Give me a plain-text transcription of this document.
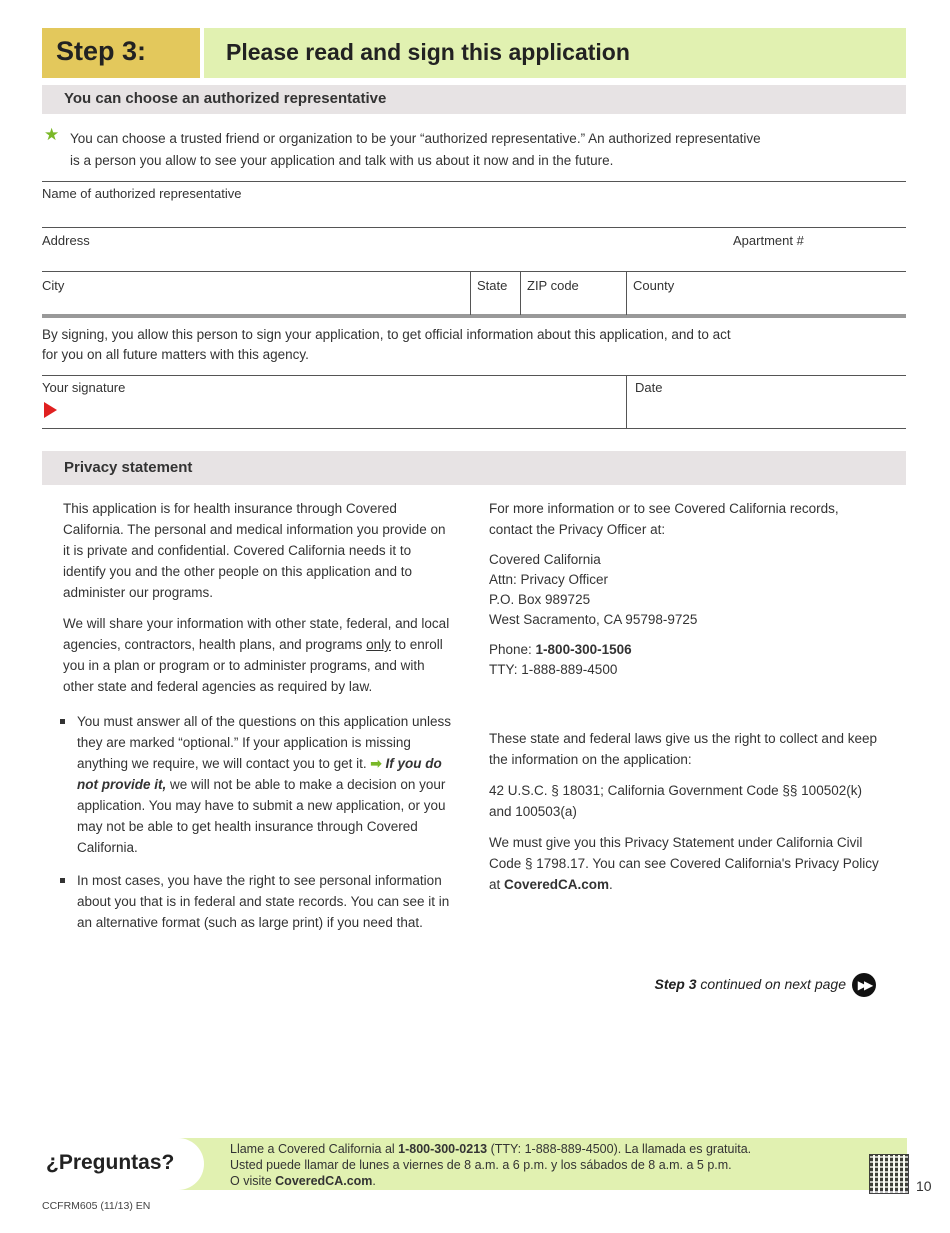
Step 3:	Please read and sign this application
You can choose an authorized representative
★ You can choose a trusted friend or organization to be your “authorized representative.” An authorized representative is a person you allow to see your application and talk with us about it now and in the future.
Name of authorized representative
Address	Apartment #
City	State ZIP code	County
By signing, you allow this person to sign your application, to get official information about this application, and to act for you on all future matters with this agency.
Your signature	Date
Privacy statement

This application is for health insurance through Covered California. The personal and medical information you provide on it is private and confidential. Covered California needs it to identify you and the other people on this application and to administer our programs.

We will share your information with other state, federal, and local agencies, contractors, health plans, and programs only to enroll you in a plan or program or to administer programs, and with other state and federal agencies as required by law.

You must answer all of the questions on this application unless they are marked “optional.” If your application is missing anything we require, we will contact you to get it. ➡ If you do not provide it, we will not be able to make a decision on your application. You may have to submit a new application, or you may not be able to get health insurance through Covered California.
In most cases, you have the right to see personal information about you that is in federal and state records. You can see it in an alternative format (such as large print) if you need that.

For more information or to see Covered California records, contact the Privacy Officer at:

Covered California
Attn: Privacy Officer
P.O. Box 989725
West Sacramento, CA 95798-9725

Phone: 1-800-300-1506
TTY: 1-888-889-4500

These state and federal laws give us the right to collect and keep the information on the application:

42 U.S.C. § 18031; California Government Code §§ 100502(k) and 100503(a)

We must give you this Privacy Statement under California Civil Code § 1798.17. You can see Covered California's Privacy Policy at CoveredCA.com.

Step 3 continued on next page ▶▶
¿Preguntas?
Llame a Covered California al 1-800-300-0213 (TTY: 1-888-889-4500). La llamada es gratuita.
Usted puede llamar de lunes a viernes de 8 a.m. a 6 p.m. y los sábados de 8 a.m. a 5 p.m.
O visite CoveredCA.com.
CCFRM605 (11/13) EN
10
